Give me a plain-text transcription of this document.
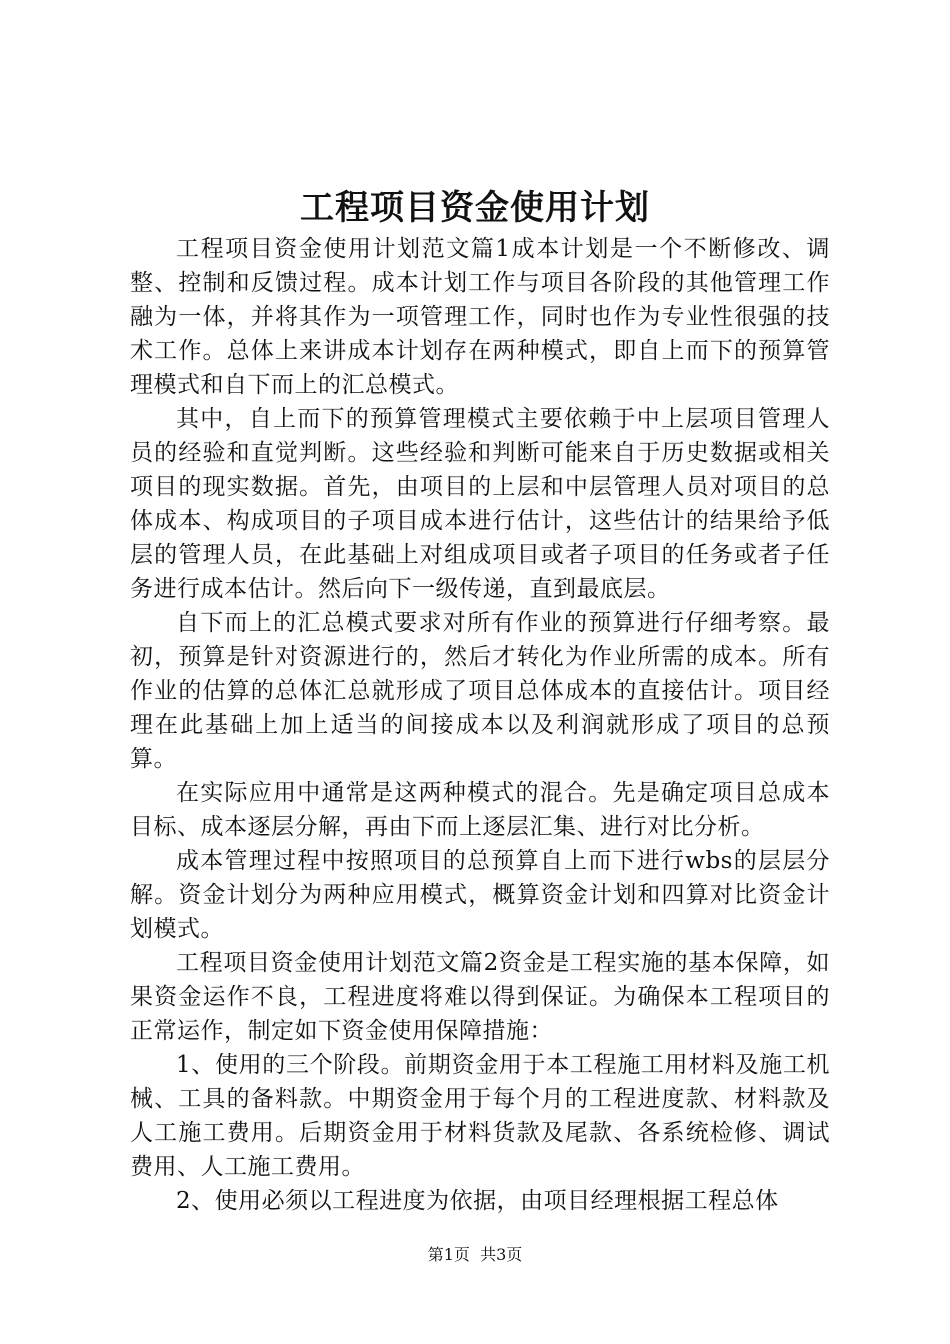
工程项目资金使用计划

工程项目资金使用计划范文篇1成本计划是一个不断修改、调整、控制和反馈过程。成本计划工作与项目各阶段的其他管理工作融为一体，并将其作为一项管理工作，同时也作为专业性很强的技术工作。总体上来讲成本计划存在两种模式，即自上而下的预算管理模式和自下而上的汇总模式。

其中，自上而下的预算管理模式主要依赖于中上层项目管理人员的经验和直觉判断。这些经验和判断可能来自于历史数据或相关项目的现实数据。首先，由项目的上层和中层管理人员对项目的总体成本、构成项目的子项目成本进行估计，这些估计的结果给予低层的管理人员，在此基础上对组成项目或者子项目的任务或者子任务进行成本估计。然后向下一级传递，直到最底层。

自下而上的汇总模式要求对所有作业的预算进行仔细考察。最初，预算是针对资源进行的，然后才转化为作业所需的成本。所有作业的估算的总体汇总就形成了项目总体成本的直接估计。项目经理在此基础上加上适当的间接成本以及利润就形成了项目的总预算。

在实际应用中通常是这两种模式的混合。先是确定项目总成本目标、成本逐层分解，再由下而上逐层汇集、进行对比分析。

成本管理过程中按照项目的总预算自上而下进行wbs的层层分解。资金计划分为两种应用模式，概算资金计划和四算对比资金计划模式。

工程项目资金使用计划范文篇2资金是工程实施的基本保障，如果资金运作不良，工程进度将难以得到保证。为确保本工程项目的正常运作，制定如下资金使用保障措施：

1、使用的三个阶段。前期资金用于本工程施工用材料及施工机械、工具的备料款。中期资金用于每个月的工程进度款、材料款及人工施工费用。后期资金用于材料货款及尾款、各系统检修、调试费用、人工施工费用。

2、使用必须以工程进度为依据，由项目经理根据工程总体

第1页 共3页
